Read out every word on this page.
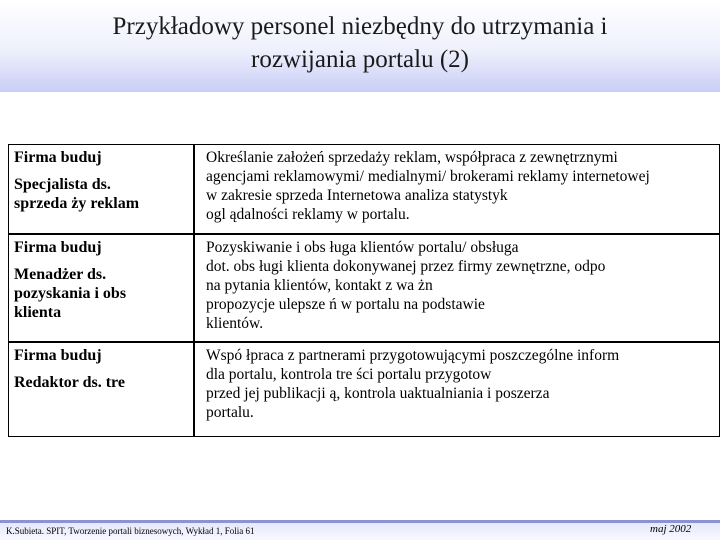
Przykładowy personel niezbędny do utrzymania i
rozwijania portalu (2)
Firma buduj
Specjalista ds.
sprzeda ży reklam
Określanie założeń sprzedaży reklam, współpraca z zewnętrznymi
agencjami reklamowymi/ medialnymi/ brokerami reklamy internetowej
w zakresie sprzeda Internetowa analiza statystyk
ogl ądalności reklamy w portalu.
Firma buduj
Menadżer ds.
pozyskania i obs
klienta
Pozyskiwanie i obs ługa klientów portalu/ obsługa
dot. obs ługi klienta dokonywanej przez firmy zewnętrzne, odpo
na pytania klientów, kontakt z wa żn
propozycje ulepsze ń w portalu na podstawie
klientów.
Firma buduj
Redaktor ds. tre
Wspó łpraca z partnerami przygotowującymi poszczególne inform
dla portalu, kontrola tre ści portalu przygotow
przed jej publikacji ą, kontrola uaktualniania i poszerza
portalu.
K.Subieta. SPIT, Tworzenie portali biznesowych, Wykład 1, Folia 61	maj 2002
